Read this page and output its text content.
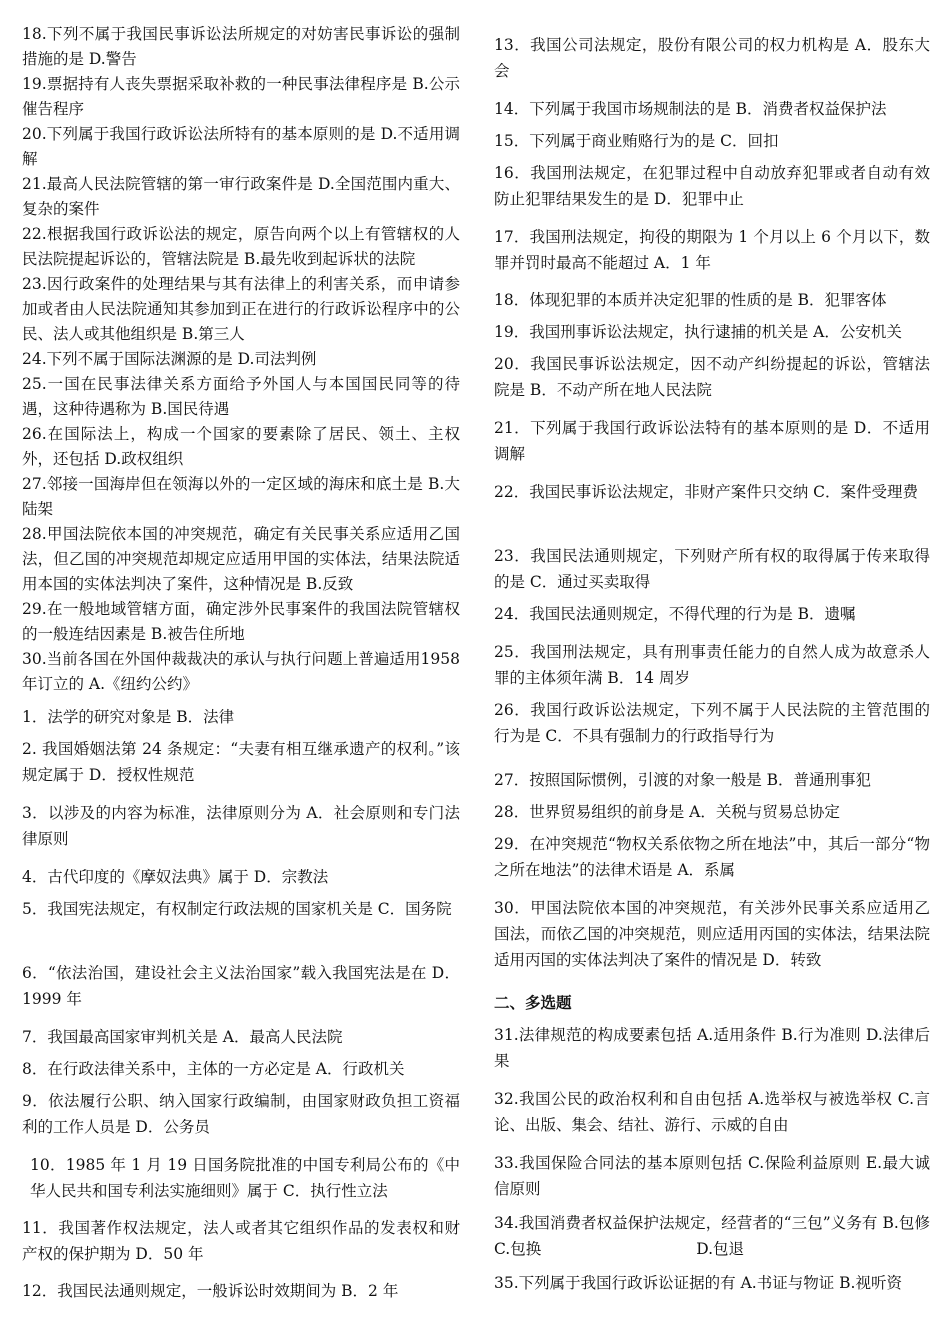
18.下列不属于我国民事诉讼法所规定的对妨害民事诉讼的强制措施的是 D.警告

19.票据持有人丧失票据采取补救的一种民事法律程序是 B.公示催告程序

20.下列属于我国行政诉讼法所特有的基本原则的是 D.不适用调解

21.最高人民法院管辖的第一审行政案件是 D.全国范围内重大、复杂的案件

22.根据我国行政诉讼法的规定，原告向两个以上有管辖权的人民法院提起诉讼的，管辖法院是 B.最先收到起诉状的法院

23.因行政案件的处理结果与其有法律上的利害关系，而申请参加或者由人民法院通知其参加到正在进行的行政诉讼程序中的公民、法人或其他组织是 B.第三人

24.下列不属于国际法渊源的是 D.司法判例

25.一国在民事法律关系方面给予外国人与本国国民同等的待遇，这种待遇称为 B.国民待遇

26.在国际法上，构成一个国家的要素除了居民、领土、主权外，还包括 D.政权组织

27.邻接一国海岸但在领海以外的一定区域的海床和底土是 B.大陆架

28.甲国法院依本国的冲突规范，确定有关民事关系应适用乙国法，但乙国的冲突规范却规定应适用甲国的实体法，结果法院适用本国的实体法判决了案件，这种情况是 B.反致

29.在一般地域管辖方面，确定涉外民事案件的我国法院管辖权的一般连结因素是 B.被告住所地

30.当前各国在外国仲裁裁决的承认与执行问题上普遍适用1958 年订立的 A.《纽约公约》

1．法学的研究对象是 B．法律

2. 我国婚姻法第 24 条规定：“夫妻有相互继承遗产的权利。”该规定属于 D．授权性规范

3．以涉及的内容为标准，法律原则分为 A．社会原则和专门法律原则

4．古代印度的《摩奴法典》属于 D．宗教法

5．我国宪法规定，有权制定行政法规的国家机关是 C．国务院

6．“依法治国，建设社会主义法治国家”载入我国宪法是在 D．1999 年

7．我国最高国家审判机关是 A．最高人民法院

8．在行政法律关系中，主体的一方必定是 A．行政机关

9．依法履行公职、纳入国家行政编制，由国家财政负担工资福利的工作人员是 D．公务员

10．1985 年 1 月 19 日国务院批准的中国专利局公布的《中华人民共和国专利法实施细则》属于 C．执行性立法

11．我国著作权法规定，法人或者其它组织作品的发表权和财产权的保护期为 D．50 年

12．我国民法通则规定，一般诉讼时效期间为 B．2 年

13．我国公司法规定，股份有限公司的权力机构是 A．股东大会

14．下列属于我国市场规制法的是 B．消费者权益保护法

15．下列属于商业贿赂行为的是 C．回扣

16．我国刑法规定，在犯罪过程中自动放弃犯罪或者自动有效防止犯罪结果发生的是 D．犯罪中止

17．我国刑法规定，拘役的期限为 1 个月以上 6 个月以下，数罪并罚时最高不能超过 A．1 年

18．体现犯罪的本质并决定犯罪的性质的是 B．犯罪客体

19．我国刑事诉讼法规定，执行逮捕的机关是 A．公安机关

20．我国民事诉讼法规定，因不动产纠纷提起的诉讼，管辖法院是 B．不动产所在地人民法院

21．下列属于我国行政诉讼法特有的基本原则的是 D．不适用调解

22．我国民事诉讼法规定，非财产案件只交纳 C．案件受理费

23．我国民法通则规定，下列财产所有权的取得属于传来取得的是 C．通过买卖取得

24．我国民法通则规定，不得代理的行为是 B．遗嘱

25．我国刑法规定，具有刑事责任能力的自然人成为故意杀人罪的主体须年满 B．14 周岁

26．我国行政诉讼法规定，下列不属于人民法院的主管范围的行为是 C．不具有强制力的行政指导行为

27．按照国际惯例，引渡的对象一般是 B．普通刑事犯

28．世界贸易组织的前身是 A．关税与贸易总协定

29．在冲突规范“物权关系依物之所在地法”中，其后一部分“物之所在地法”的法律术语是 A．系属

30．甲国法院依本国的冲突规范，有关涉外民事关系应适用乙国法，而依乙国的冲突规范，则应适用丙国的实体法，结果法院适用丙国的实体法判决了案件的情况是 D．转致

二、多选题

31.法律规范的构成要素包括 A.适用条件 B.行为准则 D.法律后果

32.我国公民的政治权利和自由包括 A.选举权与被选举权 C.言论、出版、集会、结社、游行、示威的自由

33.我国保险合同法的基本原则包括 C.保险利益原则 E.最大诚信原则

34.我国消费者权益保护法规定，经营者的“三包”义务有 B.包修 C.包换　　　　　　　　　　D.包退

35.下列属于我国行政诉讼证据的有 A.书证与物证 B.视听资
